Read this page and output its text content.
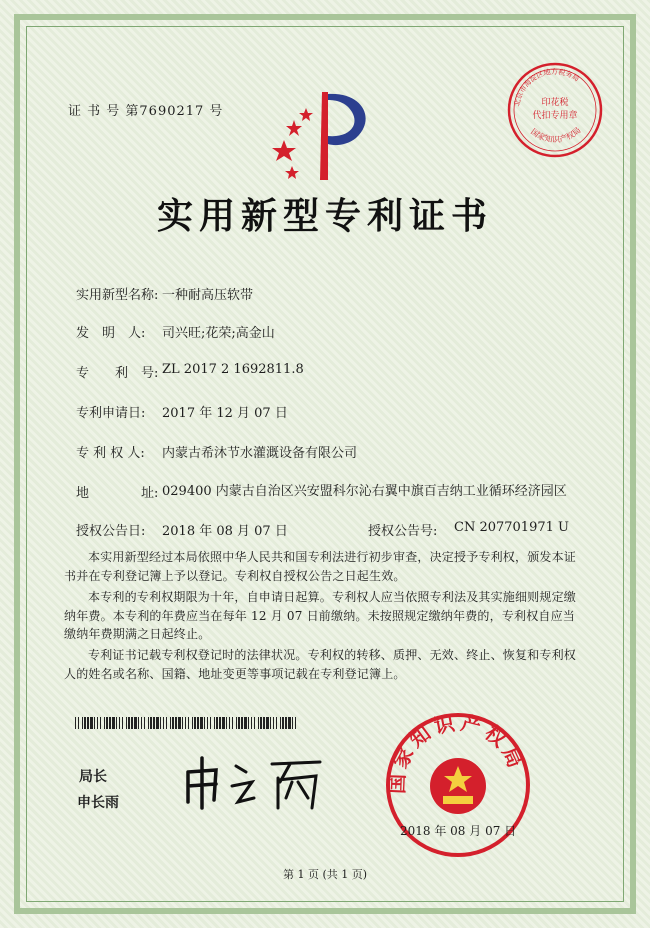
证 书 号 第7690217 号
印花税
代扣专用章
北京市海淀区地方税务局
国家知识产权局
实用新型专利证书
实用新型名称: 一种耐高压软带
发　明　人:	司兴旺;花荣;高金山
专　　利　号: ZL 2017 2 1692811.8
专利申请日:	2017 年 12 月 07 日
专 利 权 人:	内蒙古希沐节水灌溉设备有限公司
地　　　　址: 029400 内蒙古自治区兴安盟科尔沁右翼中旗百吉纳工业循环经济园区
授权公告日: 2018 年 08 月 07 日	授权公告号: CN 207701971 U
本实用新型经过本局依照中华人民共和国专利法进行初步审查，决定授予专利权，颁发本证书并在专利登记簿上予以登记。专利权自授权公告之日起生效。
本专利的专利权期限为十年，自申请日起算。专利权人应当依照专利法及其实施细则规定缴纳年费。本专利的年费应当在每年 12 月 07 日前缴纳。未按照规定缴纳年费的，专利权自应当缴纳年费期满之日起终止。
专利证书记载专利权登记时的法律状况。专利权的转移、质押、无效、终止、恢复和专利权人的姓名或名称、国籍、地址变更等事项记载在专利登记簿上。
局长
申长雨
国家知识产权局
2018 年 08 月 07 日
第 1 页 (共 1 页)
